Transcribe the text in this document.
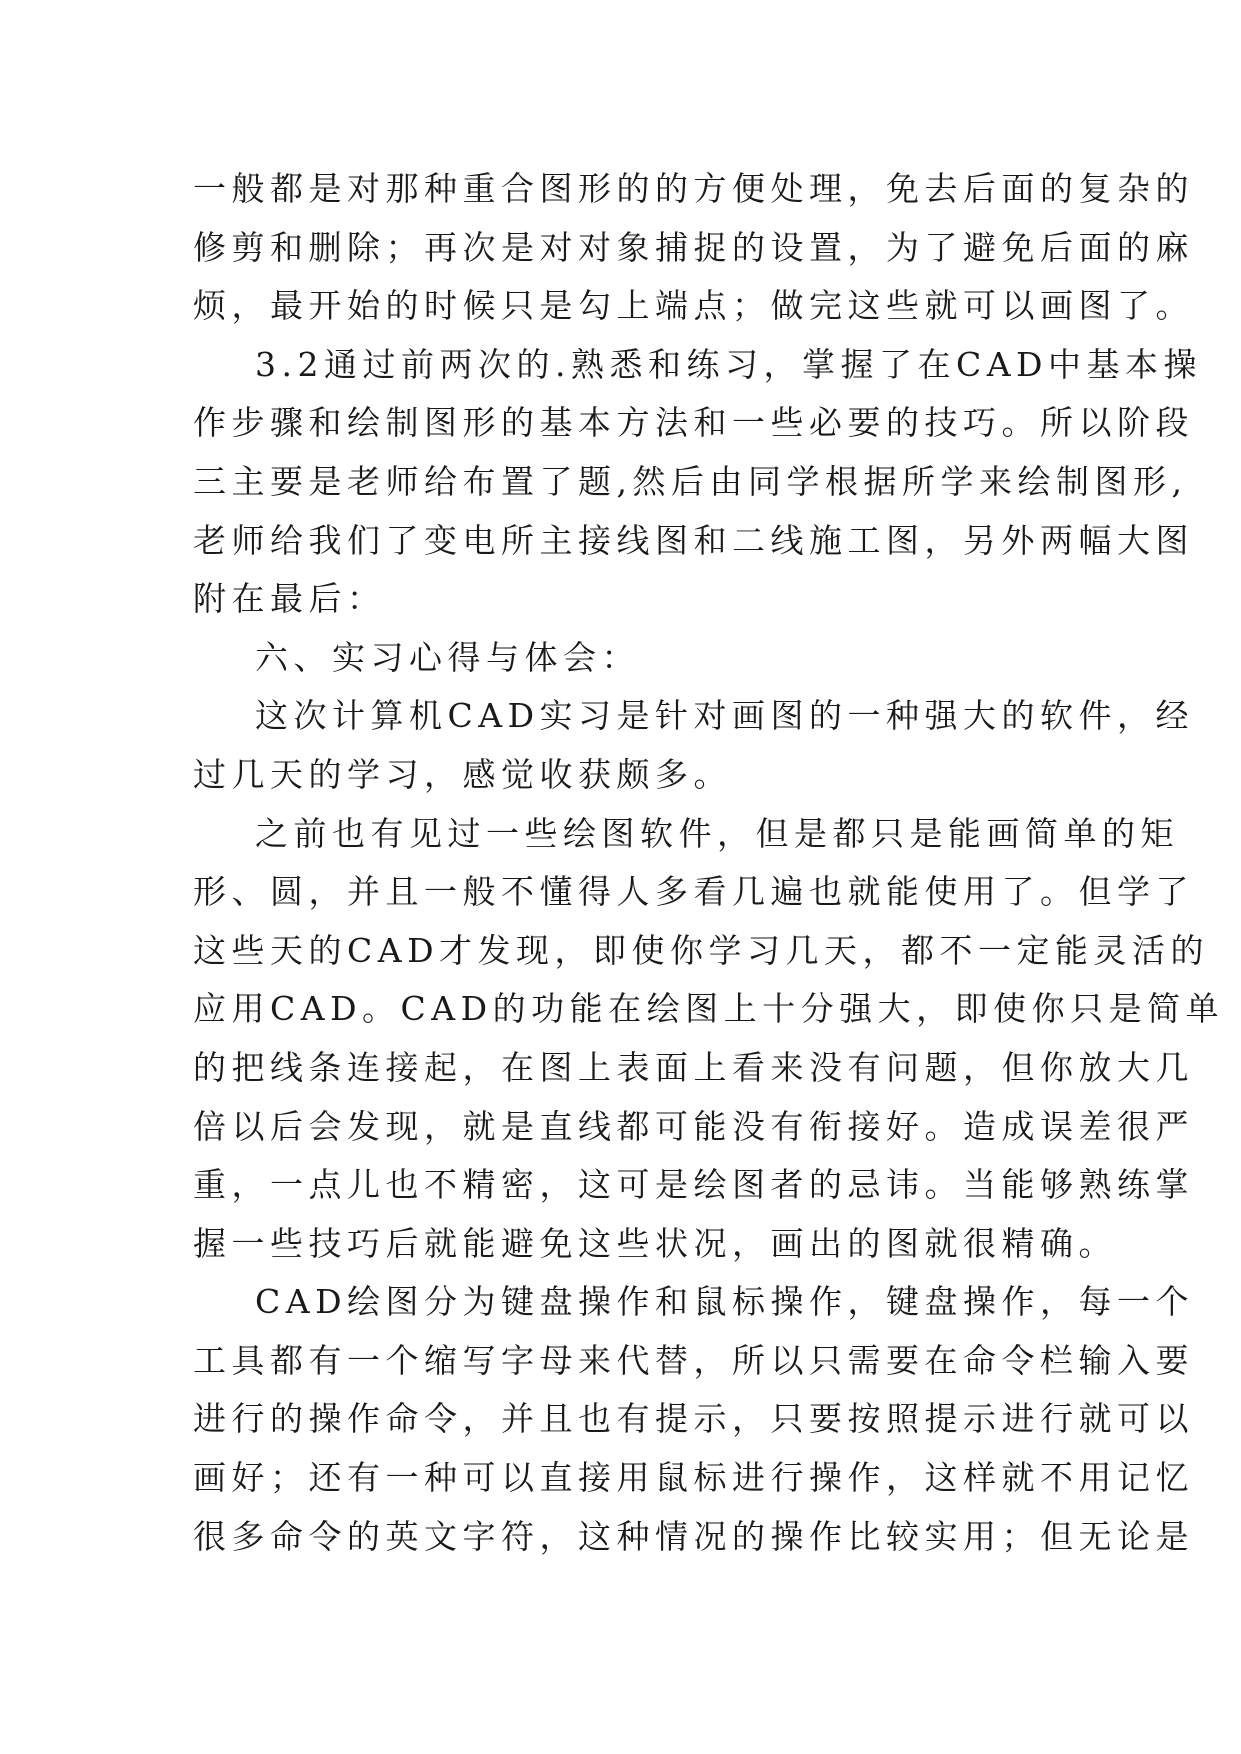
一般都是对那种重合图形的的方便处理，免去后面的复杂的
修剪和删除；再次是对对象捕捉的设置，为了避免后面的麻
烦，最开始的时候只是勾上端点；做完这些就可以画图了。
3.2通过前两次的.熟悉和练习，掌握了在CAD中基本操
作步骤和绘制图形的基本方法和一些必要的技巧。所以阶段
三主要是老师给布置了题,然后由同学根据所学来绘制图形,
老师给我们了变电所主接线图和二线施工图，另外两幅大图
附在最后：
六、实习心得与体会：
这次计算机CAD实习是针对画图的一种强大的软件，经
过几天的学习，感觉收获颇多。
之前也有见过一些绘图软件，但是都只是能画简单的矩
形、圆，并且一般不懂得人多看几遍也就能使用了。但学了
这些天的CAD才发现，即使你学习几天，都不一定能灵活的
应用CAD。CAD的功能在绘图上十分强大，即使你只是简单
的把线条连接起，在图上表面上看来没有问题，但你放大几
倍以后会发现，就是直线都可能没有衔接好。造成误差很严
重，一点儿也不精密，这可是绘图者的忌讳。当能够熟练掌
握一些技巧后就能避免这些状况，画出的图就很精确。
CAD绘图分为键盘操作和鼠标操作，键盘操作，每一个
工具都有一个缩写字母来代替，所以只需要在命令栏输入要
进行的操作命令，并且也有提示，只要按照提示进行就可以
画好；还有一种可以直接用鼠标进行操作，这样就不用记忆
很多命令的英文字符，这种情况的操作比较实用；但无论是
